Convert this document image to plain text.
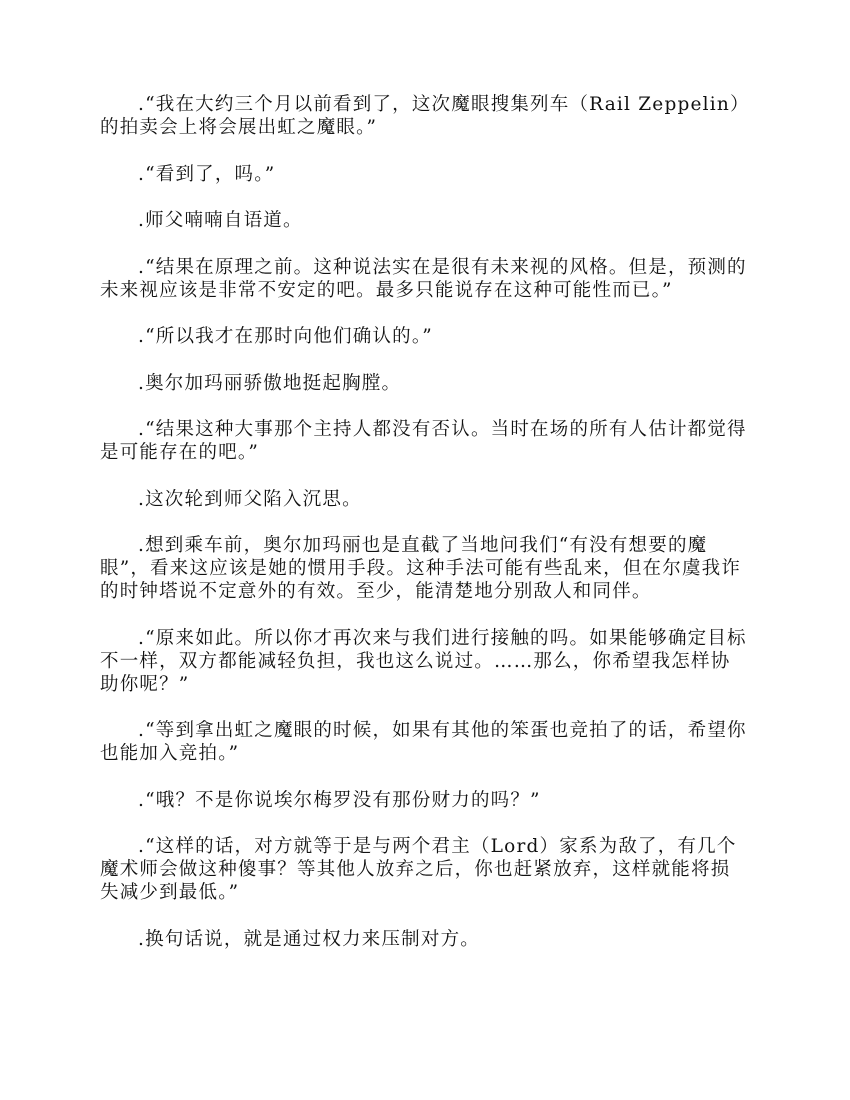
.“我在大约三个月以前看到了，这次魔眼搜集列车（Rail Zeppelin）的拍卖会上将会展出虹之魔眼。”

.“看到了，吗。”

.师父喃喃自语道。

.“结果在原理之前。这种说法实在是很有未来视的风格。但是，预测的未来视应该是非常不安定的吧。最多只能说存在这种可能性而已。”

.“所以我才在那时向他们确认的。”

.奥尔加玛丽骄傲地挺起胸膛。

.“结果这种大事那个主持人都没有否认。当时在场的所有人估计都觉得是可能存在的吧。”

.这次轮到师父陷入沉思。

.想到乘车前，奥尔加玛丽也是直截了当地问我们“有没有想要的魔眼”，看来这应该是她的惯用手段。这种手法可能有些乱来，但在尔虞我诈的时钟塔说不定意外的有效。至少，能清楚地分别敌人和同伴。

.“原来如此。所以你才再次来与我们进行接触的吗。如果能够确定目标不一样，双方都能减轻负担，我也这么说过。……那么，你希望我怎样协助你呢？”

.“等到拿出虹之魔眼的时候，如果有其他的笨蛋也竞拍了的话，希望你也能加入竞拍。”

.“哦？不是你说埃尔梅罗没有那份财力的吗？”

.“这样的话，对方就等于是与两个君主（Lord）家系为敌了，有几个魔术师会做这种傻事？等其他人放弃之后，你也赶紧放弃，这样就能将损失减少到最低。”

.换句话说，就是通过权力来压制对方。
